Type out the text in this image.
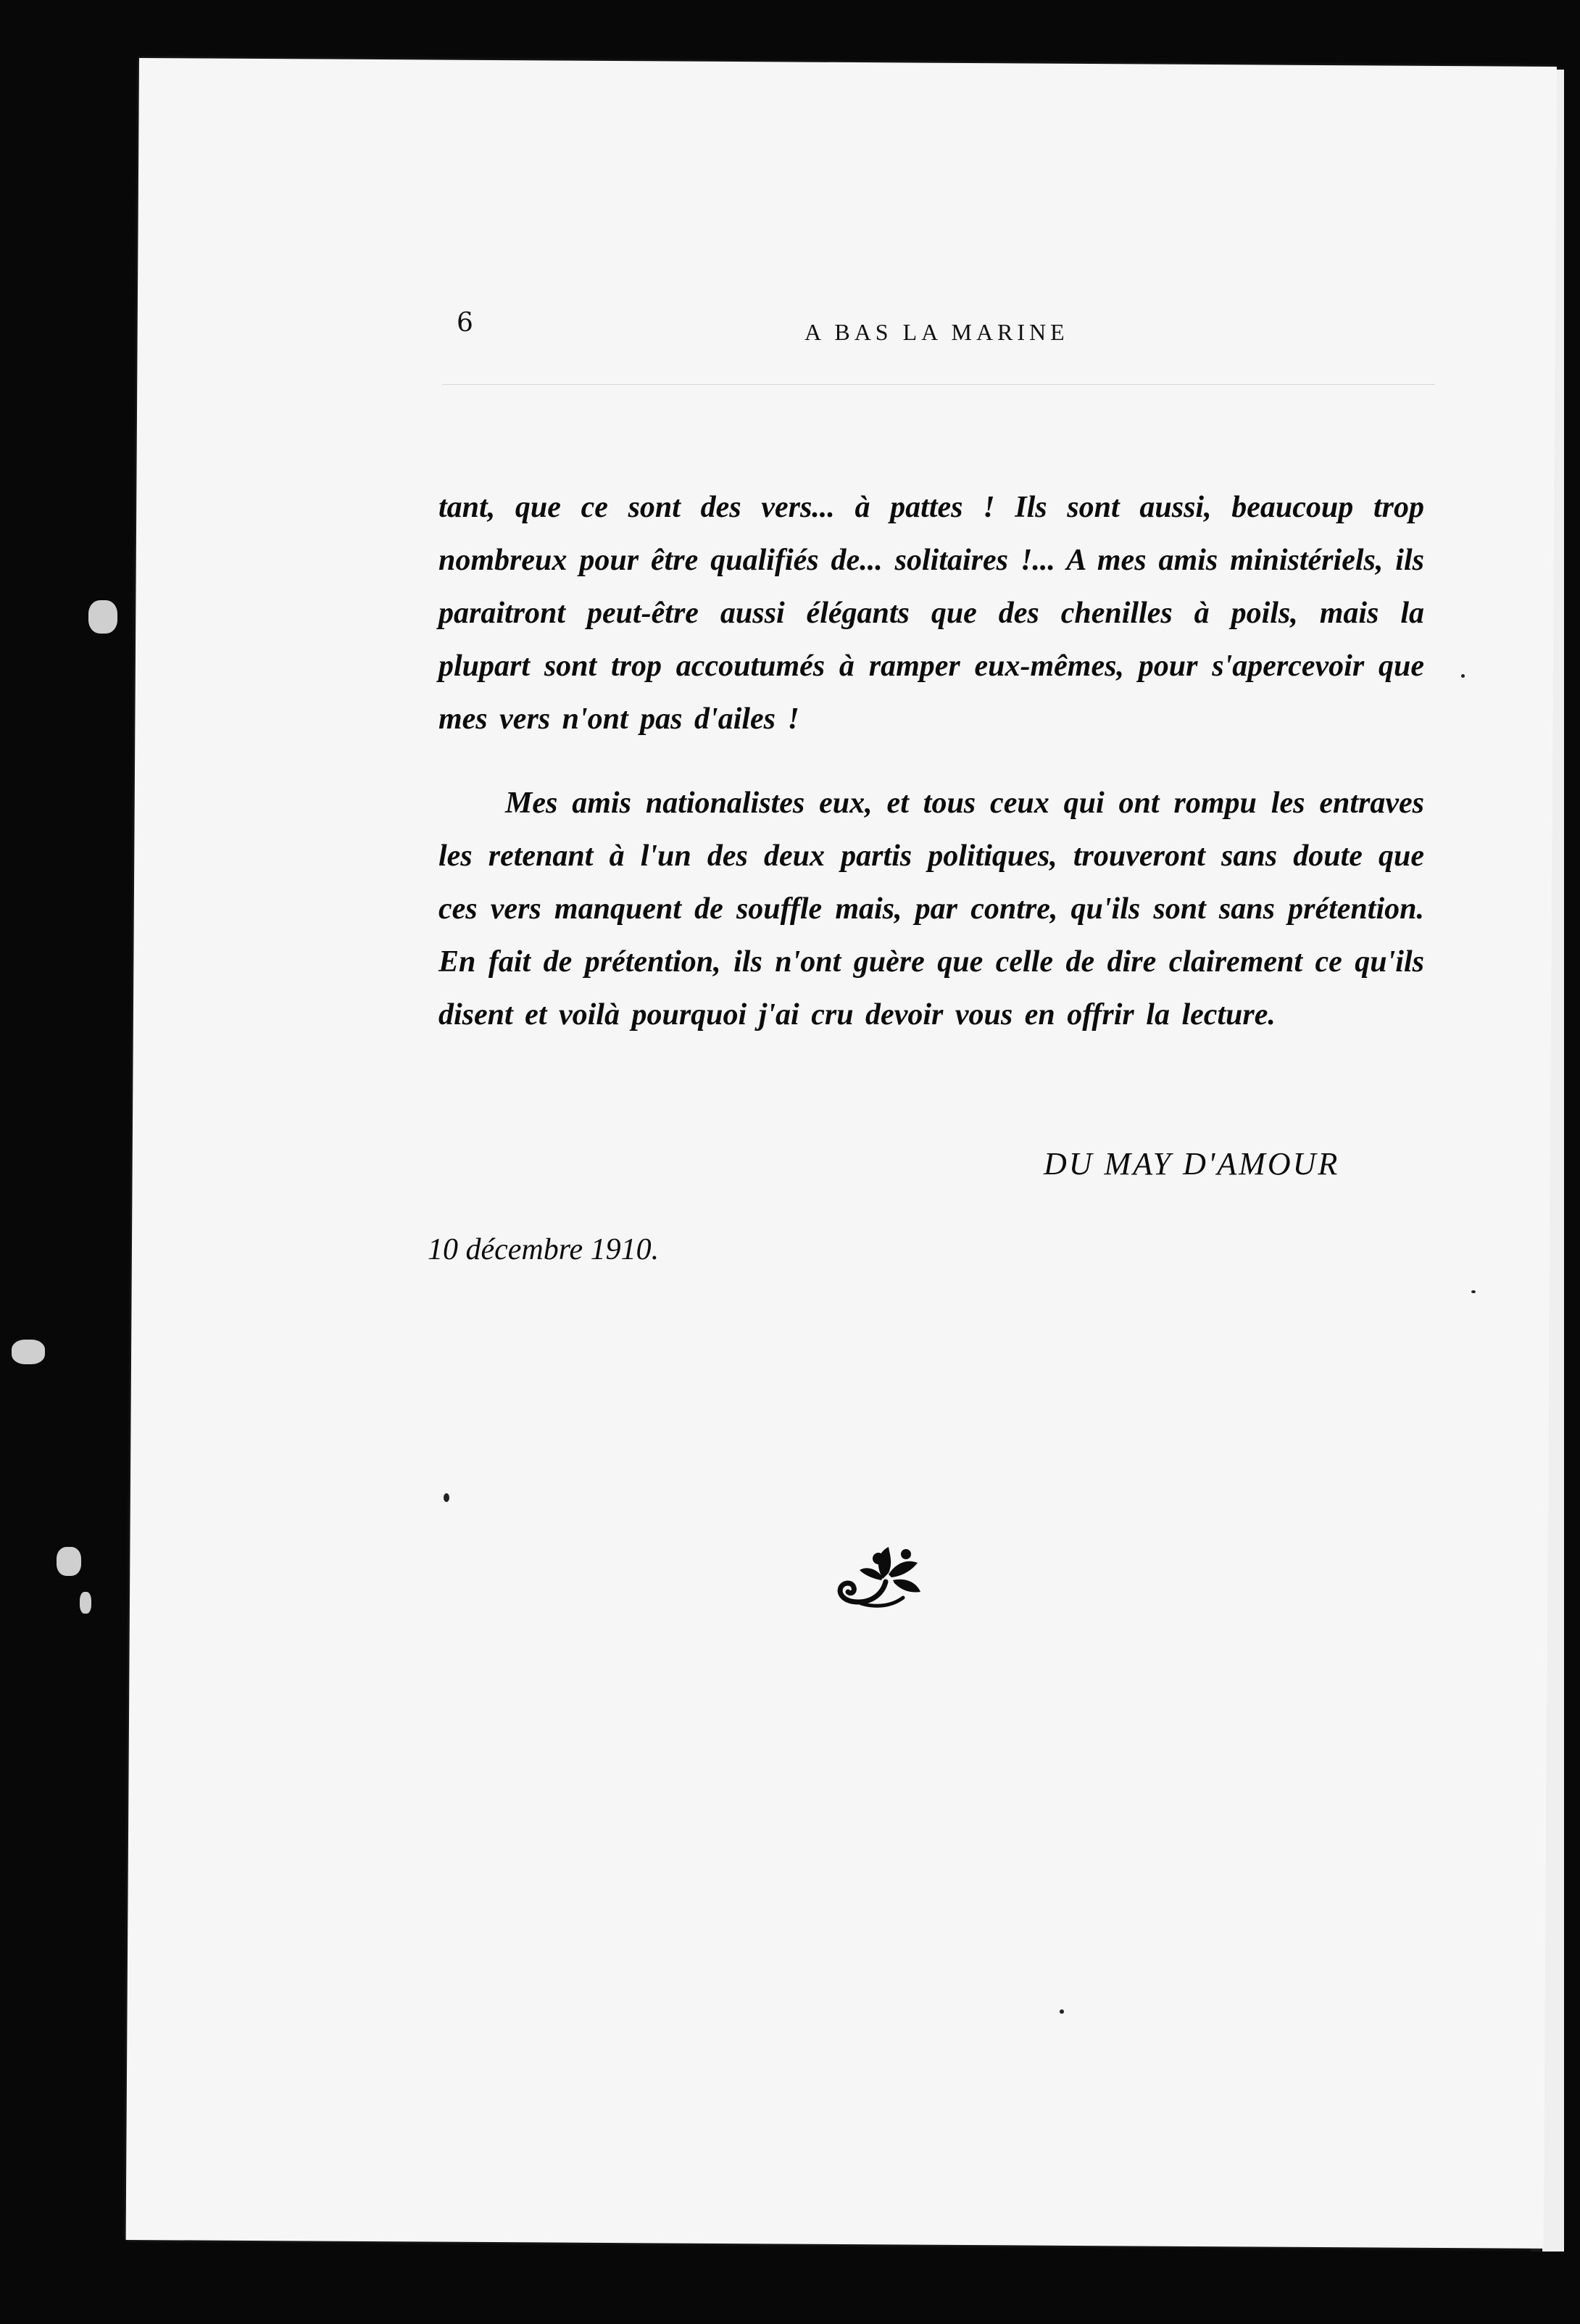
6	A BAS LA MARINE

tant, que ce sont des vers... à pattes ! Ils sont aussi, beaucoup trop nombreux pour être qualifiés de... solitaires !... A mes amis ministériels, ils paraitront peut-être aussi élégants que des chenilles à poils, mais la plupart sont trop accoutumés à ramper eux-mêmes, pour s'apercevoir que mes vers n'ont pas d'ailes !

Mes amis nationalistes eux, et tous ceux qui ont rompu les entraves les retenant à l'un des deux partis politiques, trouveront sans doute que ces vers manquent de souffle mais, par contre, qu'ils sont sans prétention. En fait de prétention, ils n'ont guère que celle de dire clairement ce qu'ils disent et voilà pourquoi j'ai cru devoir vous en offrir la lecture.

DU MAY D'AMOUR
10 décembre 1910.
